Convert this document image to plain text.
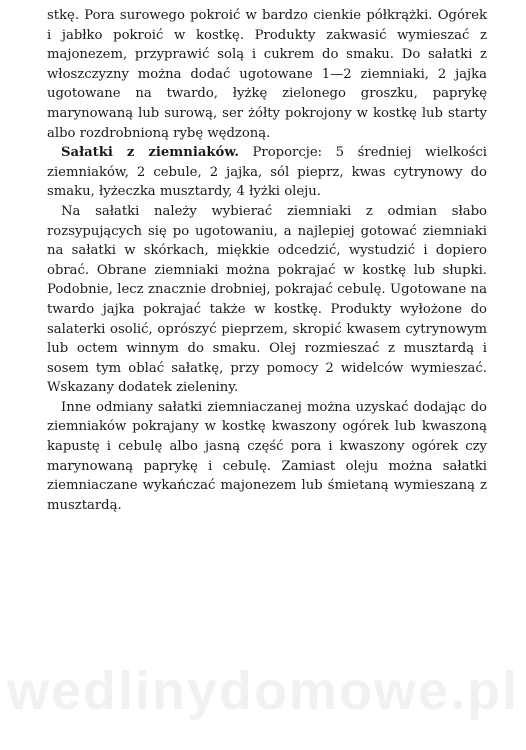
stkę. Pora surowego pokroić w bardzo cienkie półkrążki. Ogórek i jabłko pokroić w kostkę. Produkty zakwasić wymieszać z majonezem, przyprawić solą i cukrem do smaku. Do sałatki z włoszczyzny można dodać ugotowane 1—2 ziemniaki, 2 jajka ugotowane na twardo, łyżkę zielonego groszku, paprykę marynowaną lub surową, ser żółty pokrojony w kostkę lub starty albo rozdrobnioną rybę wędzoną.

Sałatki z ziemniaków. Proporcje: 5 średniej wielkości ziemniaków, 2 cebule, 2 jajka, sól pieprz, kwas cytrynowy do smaku, łyżeczka musztardy, 4 łyżki oleju.

Na sałatki należy wybierać ziemniaki z odmian słabo rozsypujących się po ugotowaniu, a najlepiej gotować ziemniaki na sałatki w skórkach, miękkie odcedzić, wystudzić i dopiero obrać. Obrane ziemniaki można pokrajać w kostkę lub słupki. Podobnie, lecz znacznie drobniej, pokrajać cebulę. Ugotowane na twardo jajka pokrajać także w kostkę. Produkty wyłożone do salaterki osolić, oprószyć pieprzem, skropić kwasem cytrynowym lub octem winnym do smaku. Olej rozmieszać z musztardą i sosem tym oblać sałatkę, przy pomocy 2 widelców wymieszać. Wskazany dodatek zieleniny.

Inne odmiany sałatki ziemniaczanej można uzyskać dodając do ziemniaków pokrajany w kostkę kwaszony ogórek lub kwaszoną kapustę i cebulę albo jasną część pora i kwaszony ogórek czy marynowaną paprykę i cebulę. Zamiast oleju można sałatki ziemniaczane wykańczać majonezem lub śmietaną wymieszaną z musztardą.

wedlinydomowe.pl
